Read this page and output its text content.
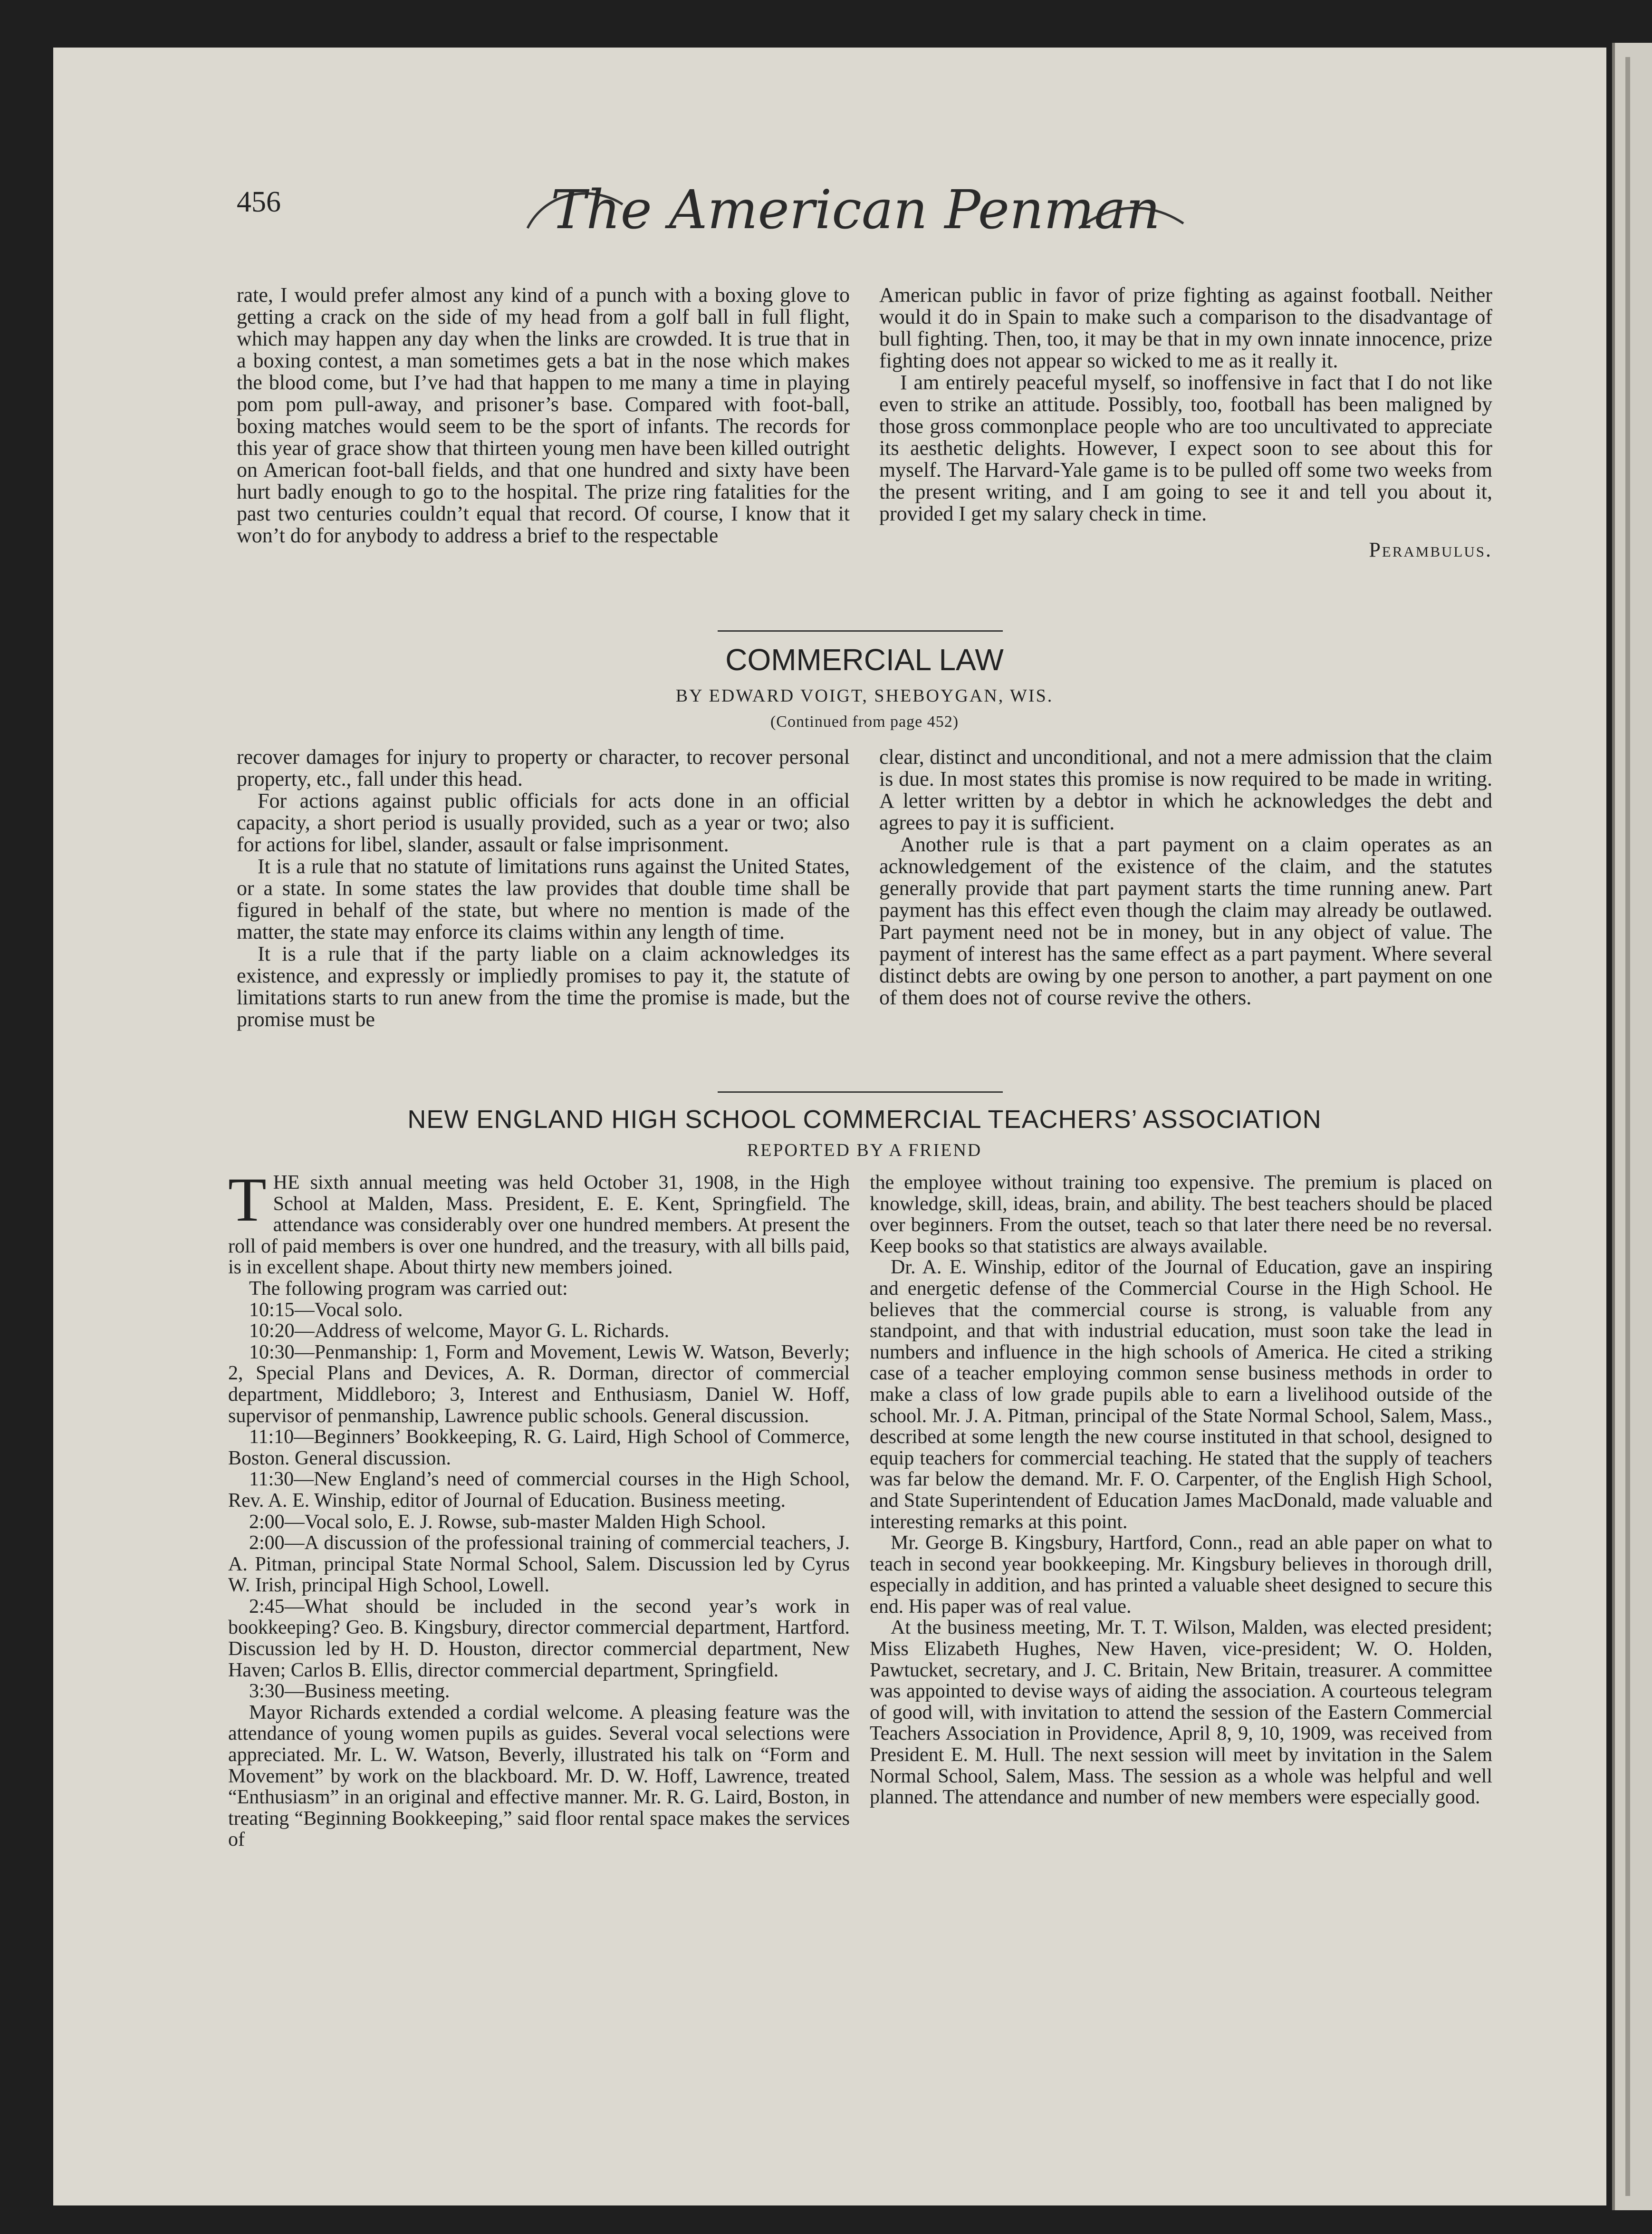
456	The American Penman

rate, I would prefer almost any kind of a punch with a boxing glove to getting a crack on the side of my head from a golf ball in full flight, which may happen any day when the links are crowded. It is true that in a boxing contest, a man sometimes gets a bat in the nose which makes the blood come, but I’ve had that happen to me many a time in playing pom pom pull-away, and prisoner’s base. Compared with foot-ball, boxing matches would seem to be the sport of infants. The records for this year of grace show that thirteen young men have been killed outright on American foot-ball fields, and that one hundred and sixty have been hurt badly enough to go to the hospital. The prize ring fatalities for the past two centuries couldn’t equal that record. Of course, I know that it won’t do for anybody to address a brief to the respectable

American public in favor of prize fighting as against football. Neither would it do in Spain to make such a comparison to the disadvantage of bull fighting. Then, too, it may be that in my own innate innocence, prize fighting does not appear so wicked to me as it really it.

I am entirely peaceful myself, so inoffensive in fact that I do not like even to strike an attitude. Possibly, too, football has been maligned by those gross commonplace people who are too uncultivated to appreciate its aesthetic delights. However, I expect soon to see about this for myself. The Harvard-Yale game is to be pulled off some two weeks from the present writing, and I am going to see it and tell you about it, provided I get my salary check in time.

Perambulus.

COMMERCIAL LAW
BY EDWARD VOIGT, SHEBOYGAN, WIS.
(Continued from page 452)

recover damages for injury to property or character, to recover personal property, etc., fall under this head.

For actions against public officials for acts done in an official capacity, a short period is usually provided, such as a year or two; also for actions for libel, slander, assault or false imprisonment.

It is a rule that no statute of limitations runs against the United States, or a state. In some states the law provides that double time shall be figured in behalf of the state, but where no mention is made of the matter, the state may enforce its claims within any length of time.

It is a rule that if the party liable on a claim acknowledges its existence, and expressly or impliedly promises to pay it, the statute of limitations starts to run anew from the time the promise is made, but the promise must be

clear, distinct and unconditional, and not a mere admission that the claim is due. In most states this promise is now required to be made in writing. A letter written by a debtor in which he acknowledges the debt and agrees to pay it is sufficient.

Another rule is that a part payment on a claim operates as an acknowledgement of the existence of the claim, and the statutes generally provide that part payment starts the time running anew. Part payment has this effect even though the claim may already be outlawed. Part payment need not be in money, but in any object of value. The payment of interest has the same effect as a part payment. Where several distinct debts are owing by one person to another, a part payment on one of them does not of course revive the others.

NEW ENGLAND HIGH SCHOOL COMMERCIAL TEACHERS’ ASSOCIATION
REPORTED BY A FRIEND

THE sixth annual meeting was held October 31, 1908, in the High School at Malden, Mass. President, E. E. Kent, Springfield. The attendance was considerably over one hundred members. At present the roll of paid members is over one hundred, and the treasury, with all bills paid, is in excellent shape. About thirty new members joined.

The following program was carried out:

10:15—Vocal solo.

10:20—Address of welcome, Mayor G. L. Richards.

10:30—Penmanship: 1, Form and Movement, Lewis W. Watson, Beverly; 2, Special Plans and Devices, A. R. Dorman, director of commercial department, Middleboro; 3, Interest and Enthusiasm, Daniel W. Hoff, supervisor of penmanship, Lawrence public schools. General discussion.

11:10—Beginners’ Bookkeeping, R. G. Laird, High School of Commerce, Boston. General discussion.

11:30—New England’s need of commercial courses in the High School, Rev. A. E. Winship, editor of Journal of Education. Business meeting.

2:00—Vocal solo, E. J. Rowse, sub-master Malden High School.

2:00—A discussion of the professional training of commercial teachers, J. A. Pitman, principal State Normal School, Salem. Discussion led by Cyrus W. Irish, principal High School, Lowell.

2:45—What should be included in the second year’s work in bookkeeping? Geo. B. Kingsbury, director commercial department, Hartford. Discussion led by H. D. Houston, director commercial department, New Haven; Carlos B. Ellis, director commercial department, Springfield.

3:30—Business meeting.

Mayor Richards extended a cordial welcome. A pleasing feature was the attendance of young women pupils as guides. Several vocal selections were appreciated. Mr. L. W. Watson, Beverly, illustrated his talk on “Form and Movement” by work on the blackboard. Mr. D. W. Hoff, Lawrence, treated “Enthusiasm” in an original and effective manner. Mr. R. G. Laird, Boston, in treating “Beginning Bookkeeping,” said floor rental space makes the services of

the employee without training too expensive. The premium is placed on knowledge, skill, ideas, brain, and ability. The best teachers should be placed over beginners. From the outset, teach so that later there need be no reversal. Keep books so that statistics are always available.

Dr. A. E. Winship, editor of the Journal of Education, gave an inspiring and energetic defense of the Commercial Course in the High School. He believes that the commercial course is strong, is valuable from any standpoint, and that with industrial education, must soon take the lead in numbers and influence in the high schools of America. He cited a striking case of a teacher employing common sense business methods in order to make a class of low grade pupils able to earn a livelihood outside of the school. Mr. J. A. Pitman, principal of the State Normal School, Salem, Mass., described at some length the new course instituted in that school, designed to equip teachers for commercial teaching. He stated that the supply of teachers was far below the demand. Mr. F. O. Carpenter, of the English High School, and State Superintendent of Education James MacDonald, made valuable and interesting remarks at this point.

Mr. George B. Kingsbury, Hartford, Conn., read an able paper on what to teach in second year bookkeeping. Mr. Kingsbury believes in thorough drill, especially in addition, and has printed a valuable sheet designed to secure this end. His paper was of real value.

At the business meeting, Mr. T. T. Wilson, Malden, was elected president; Miss Elizabeth Hughes, New Haven, vice-president; W. O. Holden, Pawtucket, secretary, and J. C. Britain, New Britain, treasurer. A committee was appointed to devise ways of aiding the association. A courteous telegram of good will, with invitation to attend the session of the Eastern Commercial Teachers Association in Providence, April 8, 9, 10, 1909, was received from President E. M. Hull. The next session will meet by invitation in the Salem Normal School, Salem, Mass. The session as a whole was helpful and well planned. The attendance and number of new members were especially good.
